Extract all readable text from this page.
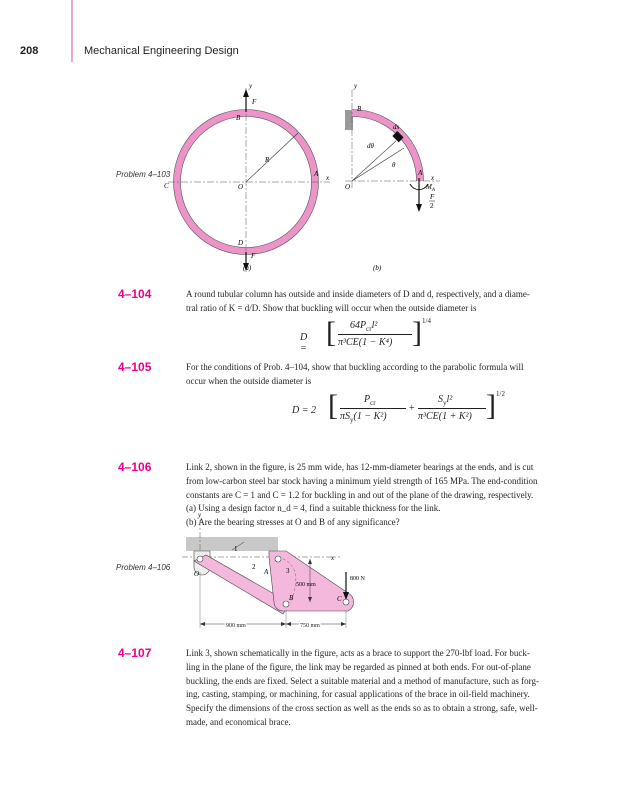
208	Mechanical Engineering Design
Problem 4–103
y
F
B
R
A x
C	O
D
F
(a)
y
B
ds
dθ
θ
A
x
O	$M_A$
F
2
(b)
4–104	A round tubular column has outside and inside diameters of D and d, respectively, and a diame-
tral ratio of K = d/D. Show that buckling will occur when the outside diameter is
D = [ $64P_{cr}l^2$
π³CE(1 − K⁴) ] 1/4
4–105	For the conditions of Prob. 4–104, show that buckling according to the parabolic formula will
occur when the outside diameter is
D = 2 [	$P_{cr}$
$\pi S_y(1 - K^2)$
+
$S_yl^2$
π³CE(1 + K²) ] 1/2
4–106	Link 2, shown in the figure, is 25 mm wide, has 12-mm-diameter bearings at the ends, and is cut
from low-carbon steel bar stock having a minimum yield strength of 165 MPa. The end-condition
constants are C = 1 and C = 1.2 for buckling in and out of the plane of the drawing, respectively.
(a) Using a design factor n_d = 4, find a suitable thickness for the link.
(b) Are the bearing stresses at O and B of any significance?
Problem 4–106
y
x
1
2	3
A
O
B	C
500 mm
800 N
900 mm	750 mm
4–107	Link 3, shown schematically in the figure, acts as a brace to support the 270-lbf load. For buck-
ling in the plane of the figure, the link may be regarded as pinned at both ends. For out-of-plane
buckling, the ends are fixed. Select a suitable material and a method of manufacture, such as forg-
ing, casting, stamping, or machining, for casual applications of the brace in oil-field machinery.
Specify the dimensions of the cross section as well as the ends so as to obtain a strong, safe, well-
made, and economical brace.
